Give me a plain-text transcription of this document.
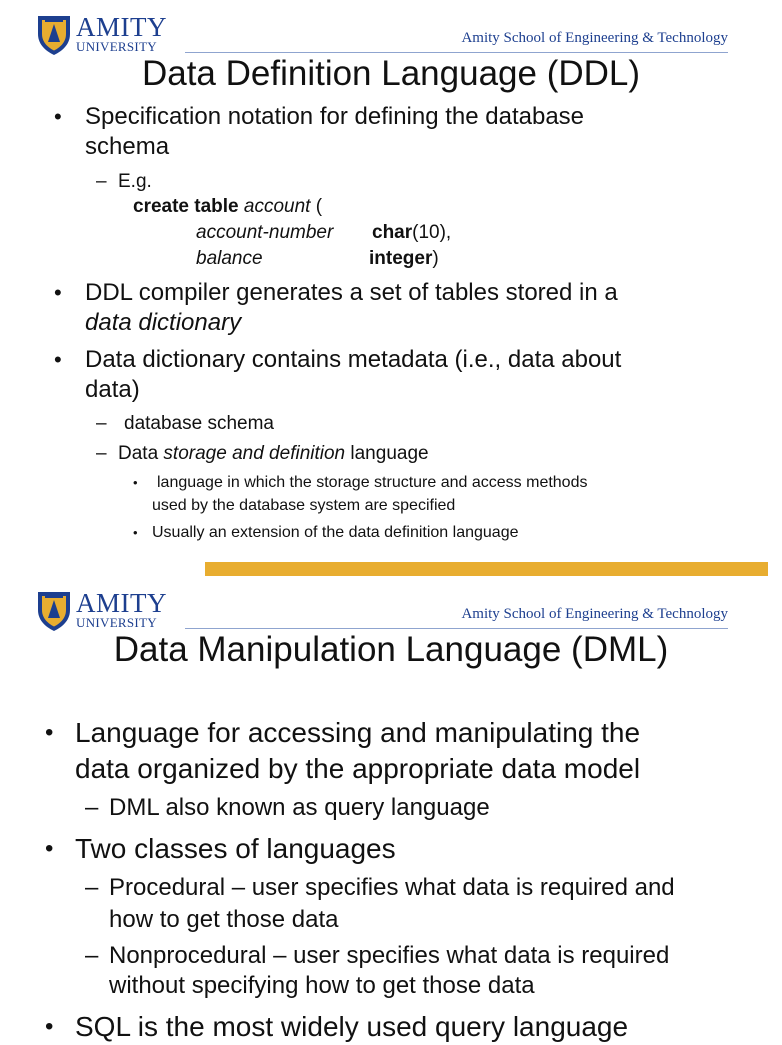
AMITY
UNIVERSITY
Amity School of Engineering & Technology
Data Definition Language (DDL)
• Specification notation for defining the database
schema
– E.g.
create table account (
account-number char(10),
balance	integer)
• DDL compiler generates a set of tables stored in a
data dictionary
• Data dictionary contains metadata (i.e., data about
data)
– database schema
– Data storage and definition language
• language in which the storage structure and access methods
used by the database system are specified
• Usually an extension of the data definition language
AMITY
UNIVERSITY
Amity School of Engineering & Technology
Data Manipulation Language (DML)
• Language for accessing and manipulating the
data organized by the appropriate data model
– DML also known as query language
• Two classes of languages
– Procedural – user specifies what data is required and
how to get those data
– Nonprocedural – user specifies what data is required
without specifying how to get those data
• SQL is the most widely used query language
